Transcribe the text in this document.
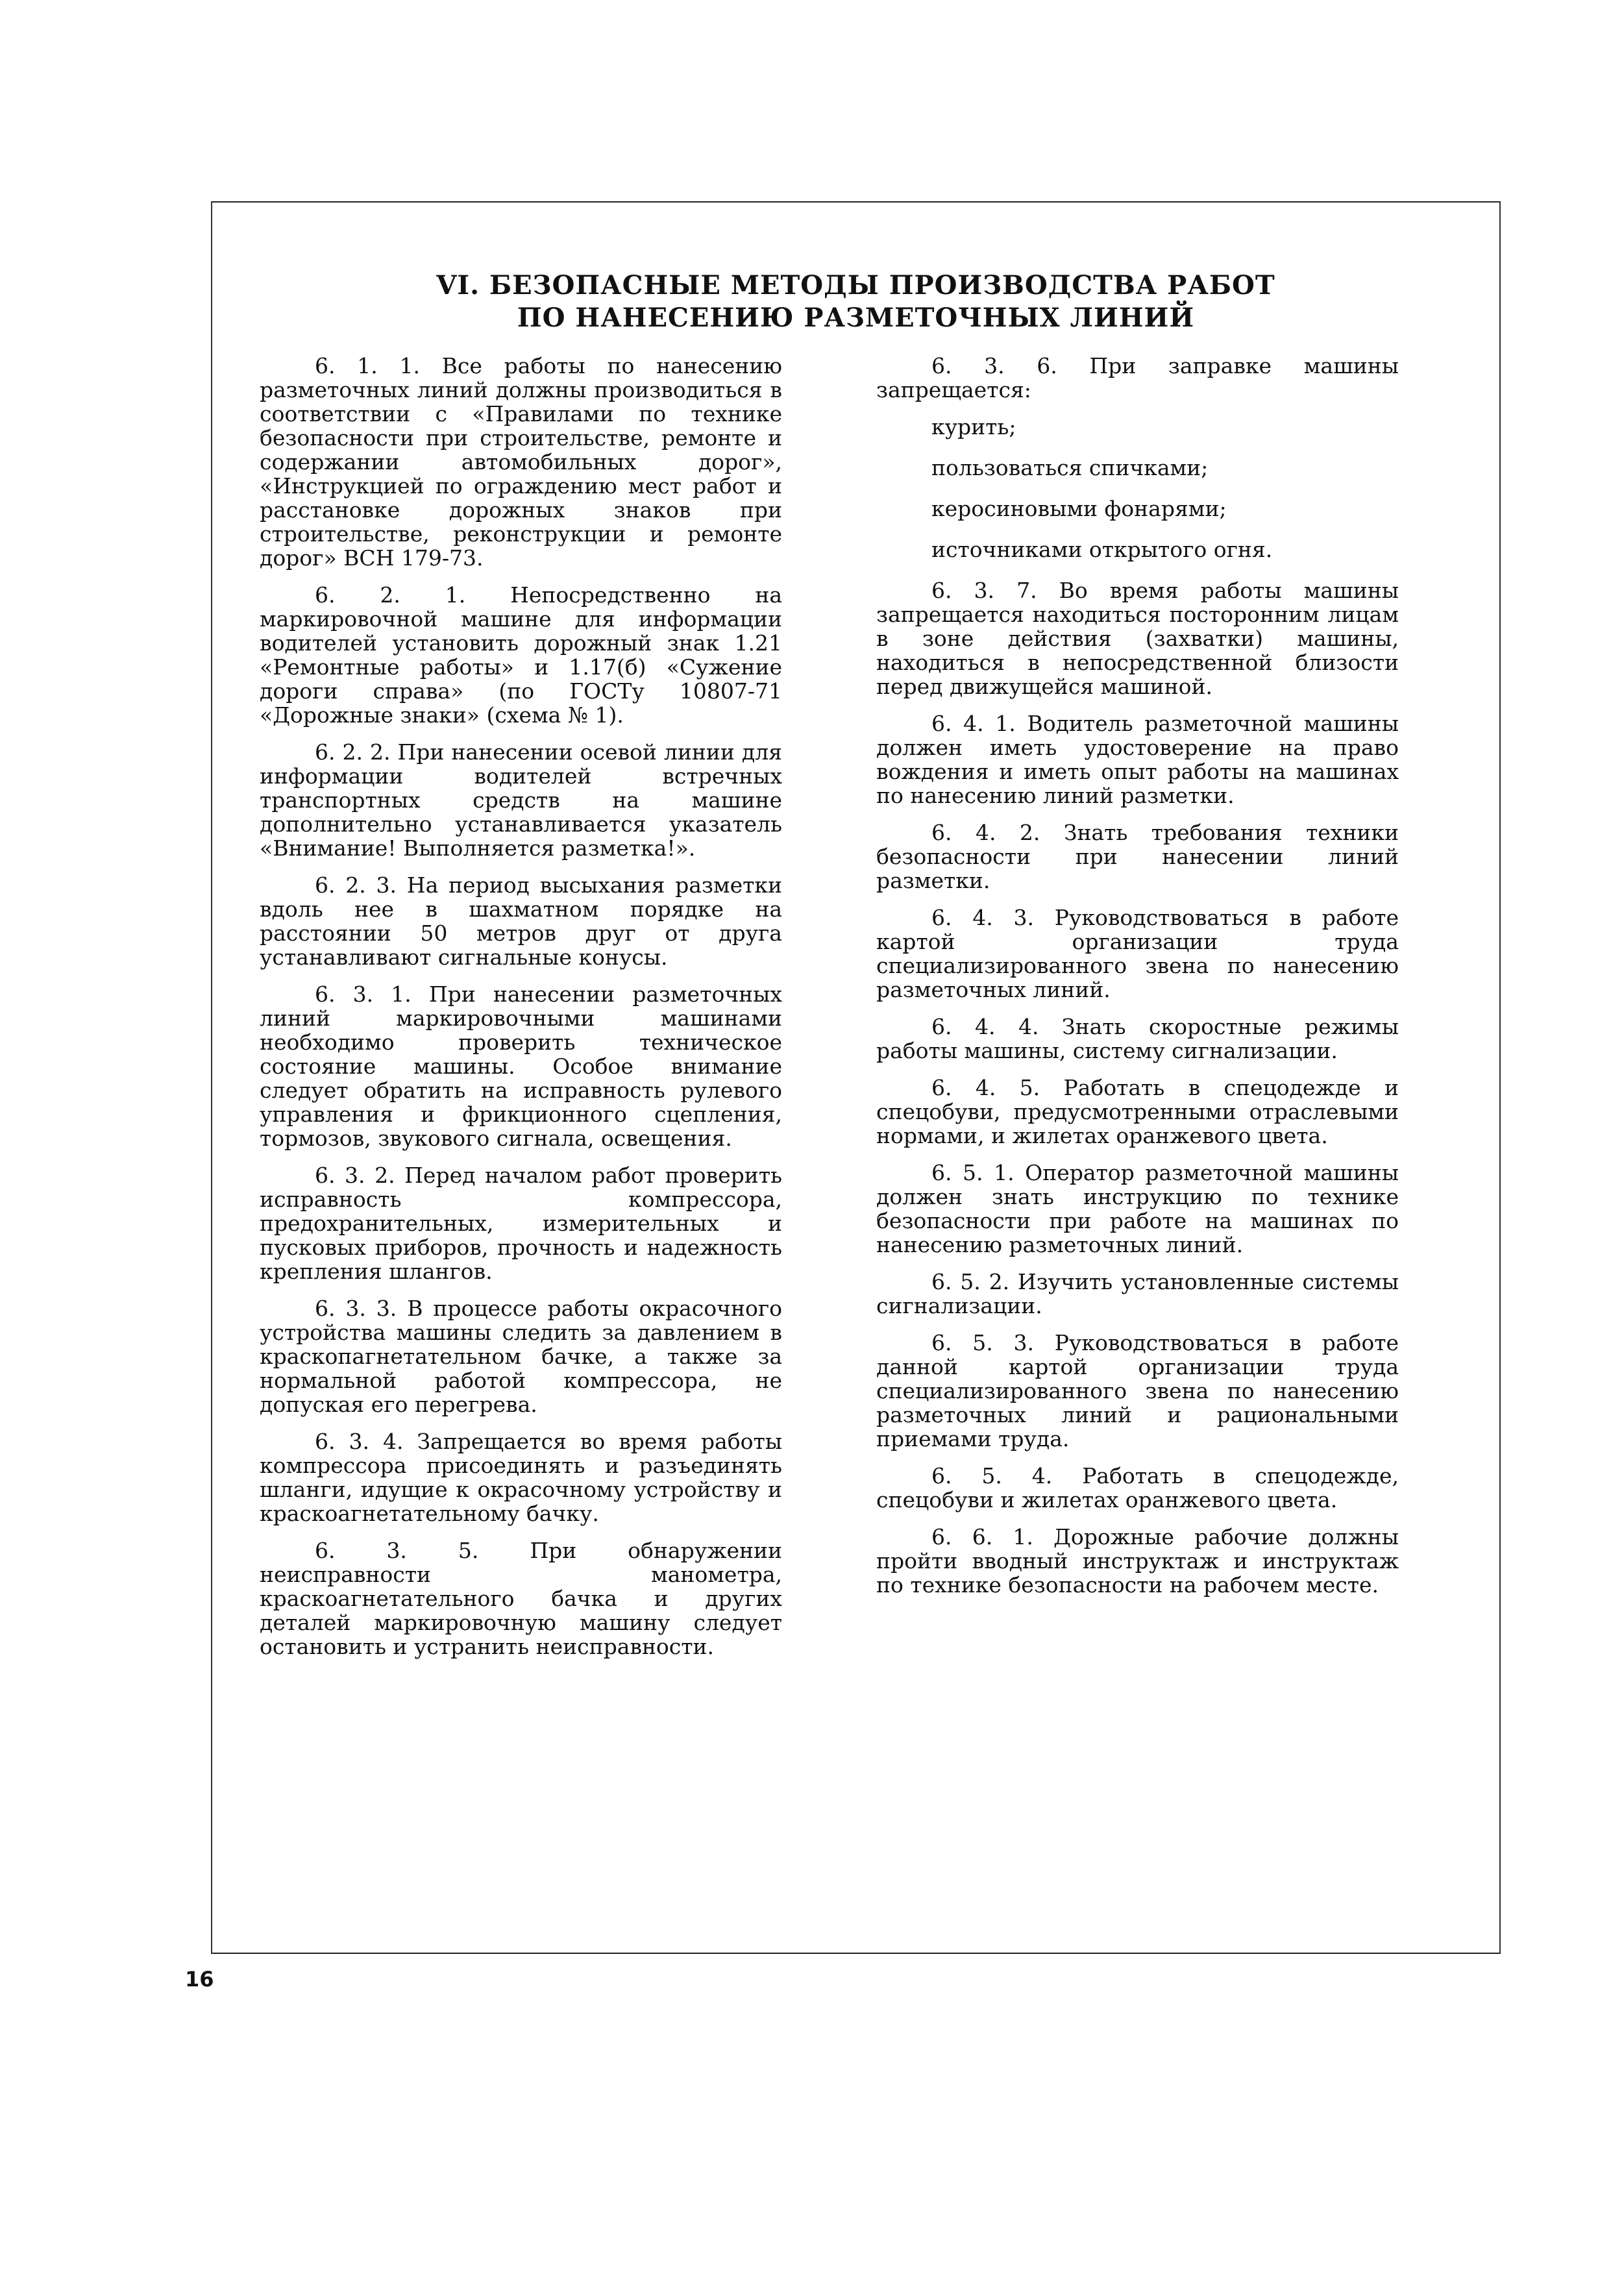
VI. БЕЗОПАСНЫЕ МЕТОДЫ ПРОИЗВОДСТВА РАБОТ
ПО НАНЕСЕНИЮ РАЗМЕТОЧНЫХ ЛИНИЙ

6. 1. 1. Все работы по нанесению разметочных линий должны производиться в соответствии с «Правилами по технике безопасности при строительстве, ремонте и содержании автомобильных дорог», «Инструкцией по ограждению мест работ и расстановке дорожных знаков при строительстве, реконструкции и ремонте дорог» ВСН 179-73.

6. 2. 1. Непосредственно на маркировочной машине для информации водителей установить дорожный знак 1.21 «Ремонтные работы» и 1.17(б) «Сужение дороги справа» (по ГОСТу 10807-71 «Дорожные знаки» (схема № 1).

6. 2. 2. При нанесении осевой линии для информации водителей встречных транспортных средств на машине дополнительно устанавливается указатель «Внимание! Выполняется разметка!».

6. 2. 3. На период высыхания разметки вдоль нее в шахматном порядке на расстоянии 50 метров друг от друга устанавливают сигнальные конусы.

6. 3. 1. При нанесении разметочных линий маркировочными машинами необходимо проверить техническое состояние машины. Особое внимание следует обратить на исправность рулевого управления и фрикционного сцепления, тормозов, звукового сигнала, освещения.

6. 3. 2. Перед началом работ проверить исправность компрессора, предохранительных, измерительных и пусковых приборов, прочность и надежность крепления шлангов.

6. 3. 3. В процессе работы окрасочного устройства машины следить за давлением в краскопагнетательном бачке, а также за нормальной работой компрессора, не допуская его перегрева.

6. 3. 4. Запрещается во время работы компрессора присоединять и разъединять шланги, идущие к окрасочному устройству и краскоагнетательному бачку.

6. 3. 5. При обнаружении неисправности манометра, краскоагнетательного бачка и других деталей маркировочную машину следует остановить и устранить неисправности.

6. 3. 6. При заправке машины запрещается:

курить;

пользоваться спичками;

керосиновыми фонарями;

источниками открытого огня.

6. 3. 7. Во время работы машины запрещается находиться посторонним лицам в зоне действия (захватки) машины, находиться в непосредственной близости перед движущейся машиной.

6. 4. 1. Водитель разметочной машины должен иметь удостоверение на право вождения и иметь опыт работы на машинах по нанесению линий разметки.

6. 4. 2. Знать требования техники безопасности при нанесении линий разметки.

6. 4. 3. Руководствоваться в работе картой организации труда специализированного звена по нанесению разметочных линий.

6. 4. 4. Знать скоростные режимы работы машины, систему сигнализации.

6. 4. 5. Работать в спецодежде и спецобуви, предусмотренными отраслевыми нормами, и жилетах оранжевого цвета.

6. 5. 1. Оператор разметочной машины должен знать инструкцию по технике безопасности при работе на машинах по нанесению разметочных линий.

6. 5. 2. Изучить установленные системы сигнализации.

6. 5. 3. Руководствоваться в работе данной картой организации труда специализированного звена по нанесению разметочных линий и рациональными приемами труда.

6. 5. 4. Работать в спецодежде, спецобуви и жилетах оранжевого цвета.

6. 6. 1. Дорожные рабочие должны пройти вводный инструктаж и инструктаж по технике безопасности на рабочем месте.

16
